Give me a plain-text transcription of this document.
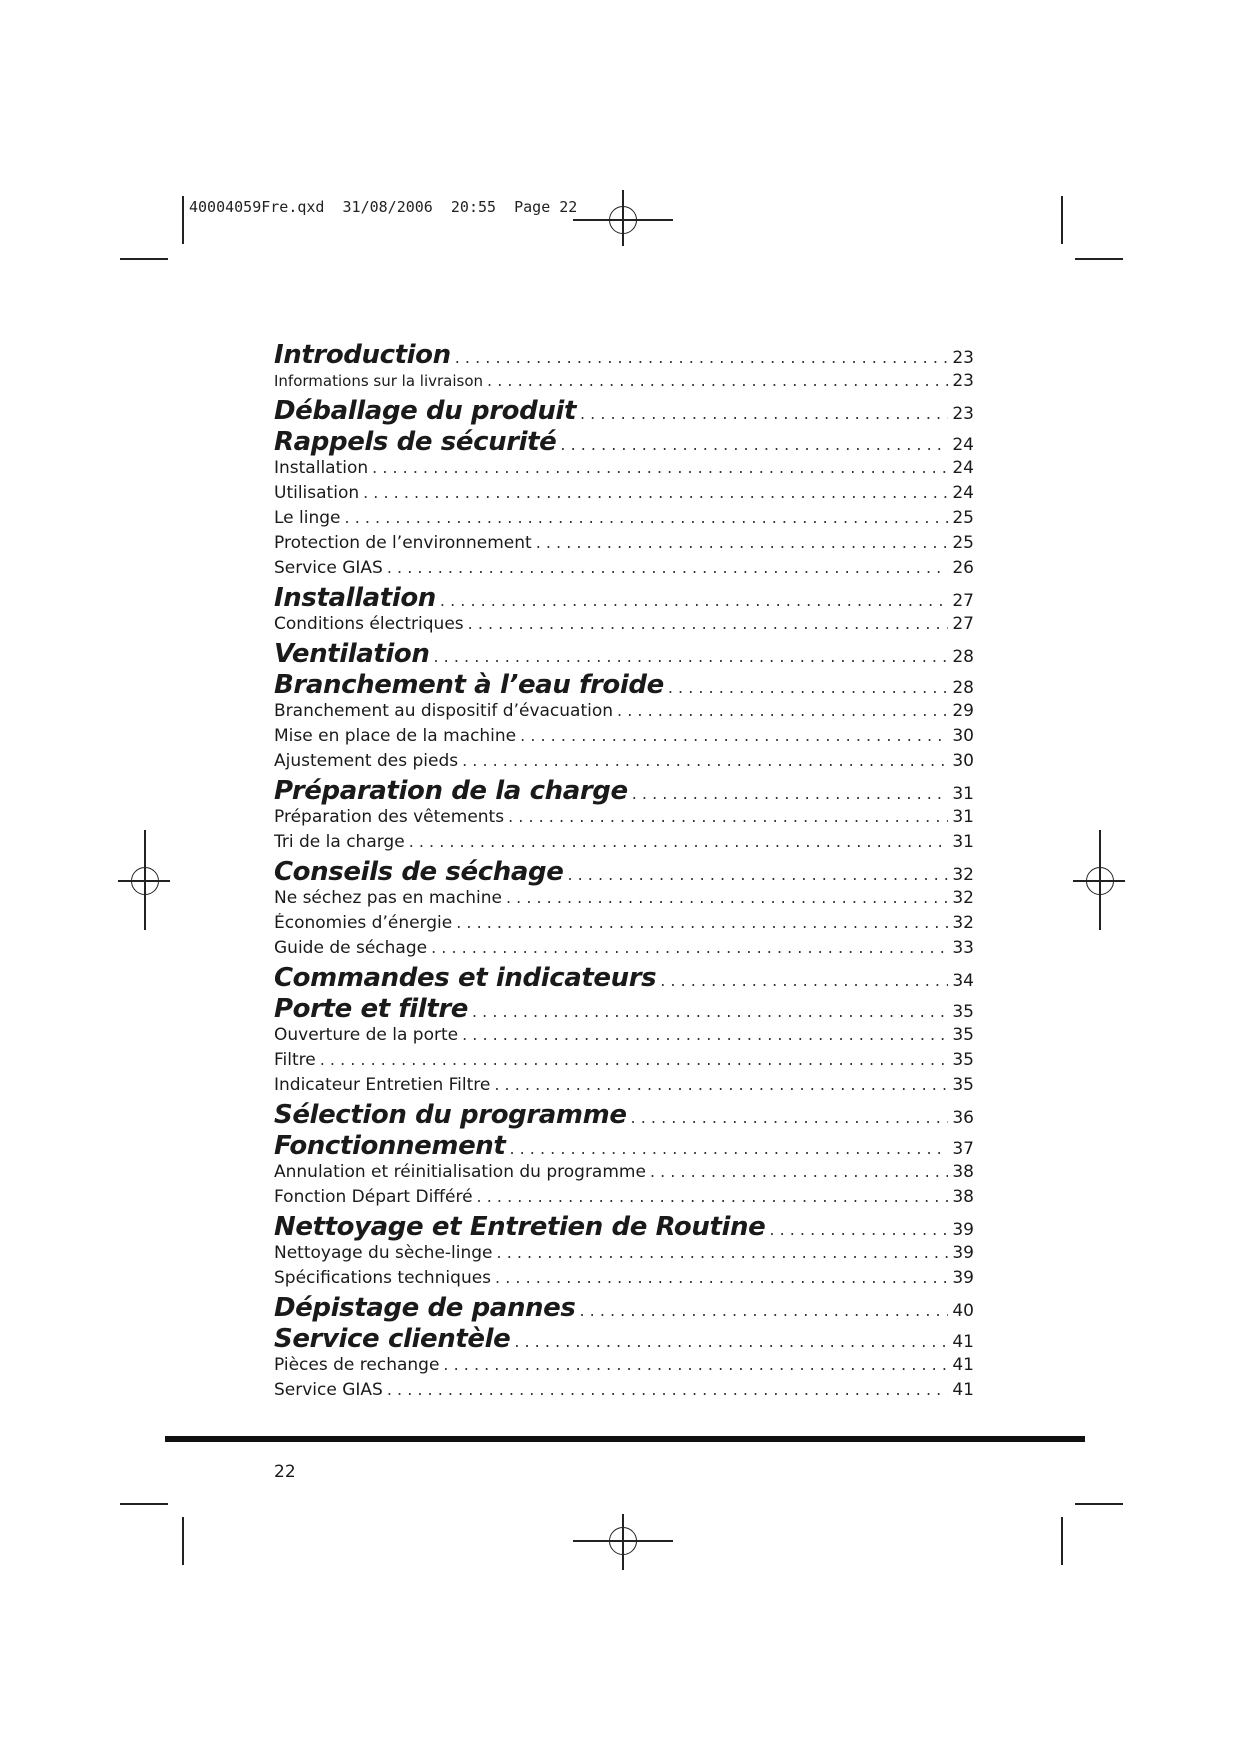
40004059Fre.qxd  31/08/2006  20:55  Page 22
Introduction . . .	23
Informations sur la livraison . . .	23
Déballage du produit . . .	23
Rappels de sécurité . . .	24
Installation . . .	24
Utilisation . . .	24
Le linge . . .	25
Protection de l’environnement . . .	25
Service GIAS . . .	26
Installation . . .	27
Conditions électriques . . .	27
Ventilation . . .	28
Branchement à l’eau froide . . .	28
Branchement au dispositif d’évacuation . . .	29
Mise en place de la machine . . .	30
Ajustement des pieds . . .	30
Préparation de la charge . . .	31
Préparation des vêtements . . .	31
Tri de la charge . . .	31
Conseils de séchage . . .	32
Ne séchez pas en machine . . .	32
Économies d’énergie . . .	32
Guide de séchage . . .	33
Commandes et indicateurs . . .	34
Porte et filtre . . .	35
Ouverture de la porte . . .	35
Filtre . . .	35
Indicateur Entretien Filtre . . .	35
Sélection du programme . . .	36
Fonctionnement . . .	37
Annulation et réinitialisation du programme . . .	38
Fonction Départ Différé . . .	38
Nettoyage et Entretien de Routine . . .	39
Nettoyage du sèche-linge . . .	39
Spécifications techniques . . .	39
Dépistage de pannes . . .	40
Service clientèle . . .	41
Pièces de rechange . . .	41
Service GIAS . . .	41
22
